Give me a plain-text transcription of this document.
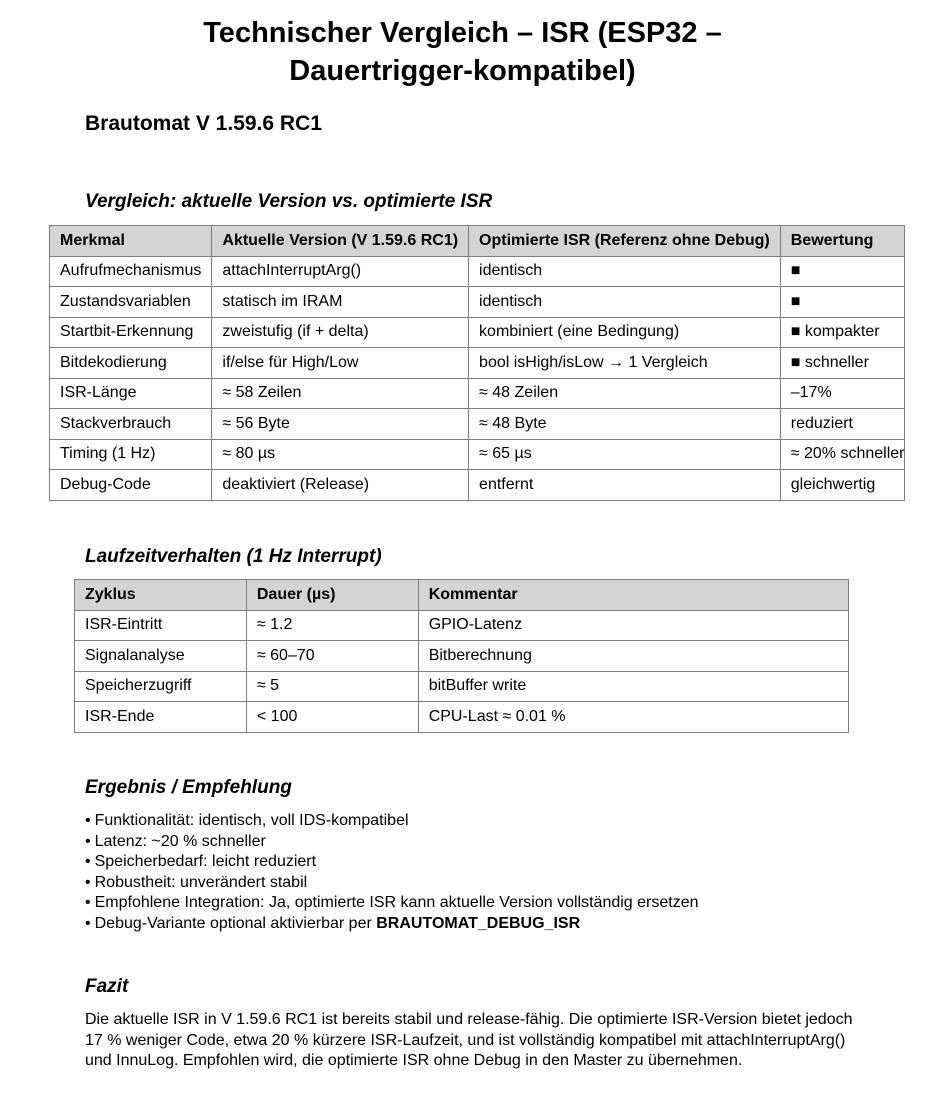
Technischer Vergleich – ISR (ESP32 –
Dauertrigger-kompatibel)
Brautomat V 1.59.6 RC1
Vergleich: aktuelle Version vs. optimierte ISR
Merkmal	Aktuelle Version (V 1.59.6 RC1)	Optimierte ISR (Referenz ohne Debug)	Bewertung
Aufrufmechanismus	attachInterruptArg()	identisch	■
Zustandsvariablen	statisch im IRAM	identisch	■
Startbit-Erkennung	zweistufig (if + delta)	kombiniert (eine Bedingung)	■ kompakter
Bitdekodierung	if/else für High/Low	bool isHigh/isLow → 1 Vergleich	■ schneller
ISR-Länge	≈ 58 Zeilen	≈ 48 Zeilen	–17%
Stackverbrauch	≈ 56 Byte	≈ 48 Byte	reduziert
Timing (1 Hz)	≈ 80 µs	≈ 65 µs	≈ 20% schneller
Debug-Code	deaktiviert (Release)	entfernt	gleichwertig
Laufzeitverhalten (1 Hz Interrupt)
Zyklus	Dauer (µs)	Kommentar
ISR-Eintritt	≈ 1.2	GPIO-Latenz
Signalanalyse	≈ 60–70	Bitberechnung
Speicherzugriff	≈ 5	bitBuffer write
ISR-Ende	< 100	CPU-Last ≈ 0.01 %
Ergebnis / Empfehlung
• Funktionalität: identisch, voll IDS-kompatibel
• Latenz: ~20 % schneller
• Speicherbedarf: leicht reduziert
• Robustheit: unverändert stabil
• Empfohlene Integration: Ja, optimierte ISR kann aktuelle Version vollständig ersetzen
• Debug-Variante optional aktivierbar per BRAUTOMAT_DEBUG_ISR
Fazit
Die aktuelle ISR in V 1.59.6 RC1 ist bereits stabil und release-fähig. Die optimierte ISR-Version bietet jedoch 17 % weniger Code, etwa 20 % kürzere ISR-Laufzeit, und ist vollständig kompatibel mit attachInterruptArg() und InnuLog. Empfohlen wird, die optimierte ISR ohne Debug in den Master zu übernehmen.
